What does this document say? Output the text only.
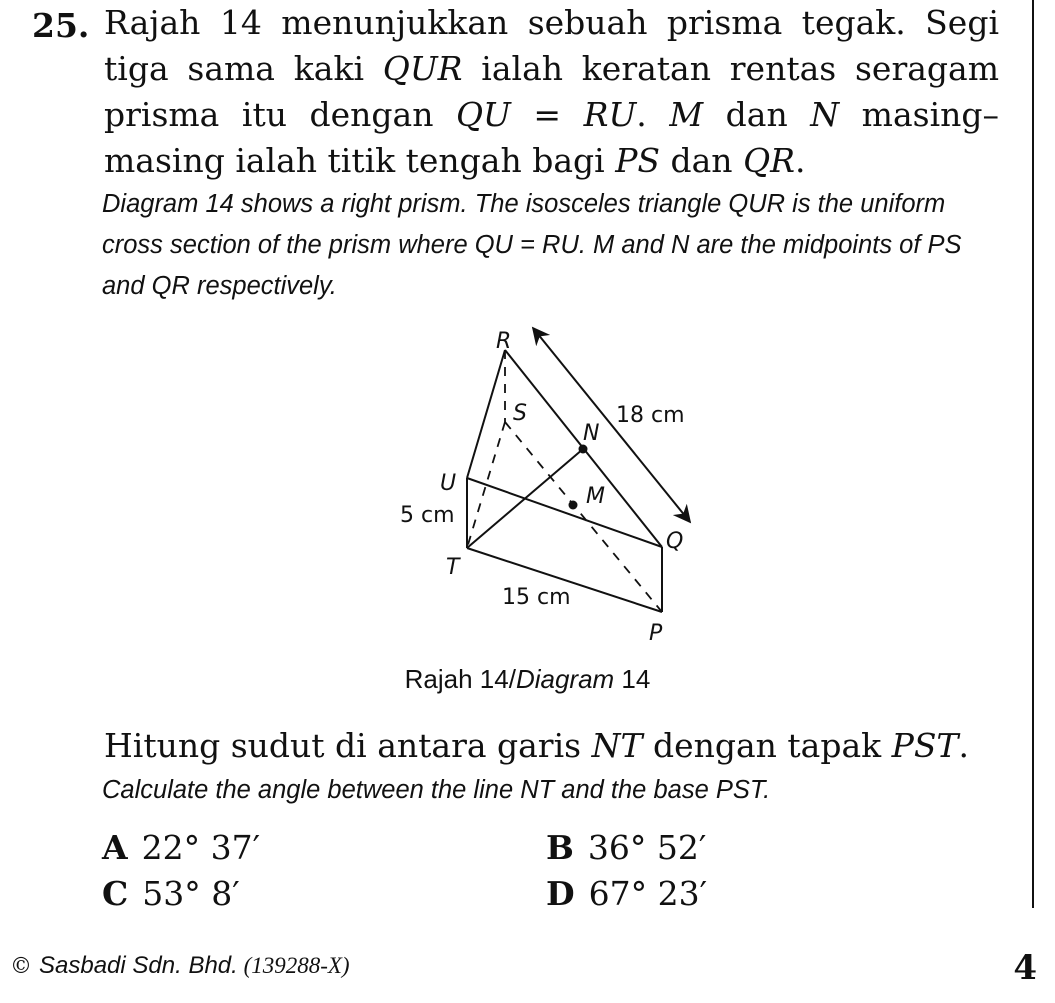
25. Rajah 14 menunjukkan sebuah prisma tegak. Segi tiga sama kaki QUR ialah keratan rentas seragam prisma itu dengan QU = RU. M dan N masing–masing ialah titik tengah bagi PS dan QR.
Diagram 14 shows a right prism. The isosceles triangle QUR is the uniform cross section of the prism where QU = RU. M and N are the midpoints of PS and QR respectively.
R
S
N
U
M
T
Q
P
18 cm
5 cm
15 cm
Rajah 14/Diagram 14
Hitung sudut di antara garis NT dengan tapak PST.
Calculate the angle between the line NT and the base PST.
A 22° 37′	B 36° 52′
C 53° 8′	D 67° 23′
© Sasbadi Sdn. Bhd. (139288-X)	4
